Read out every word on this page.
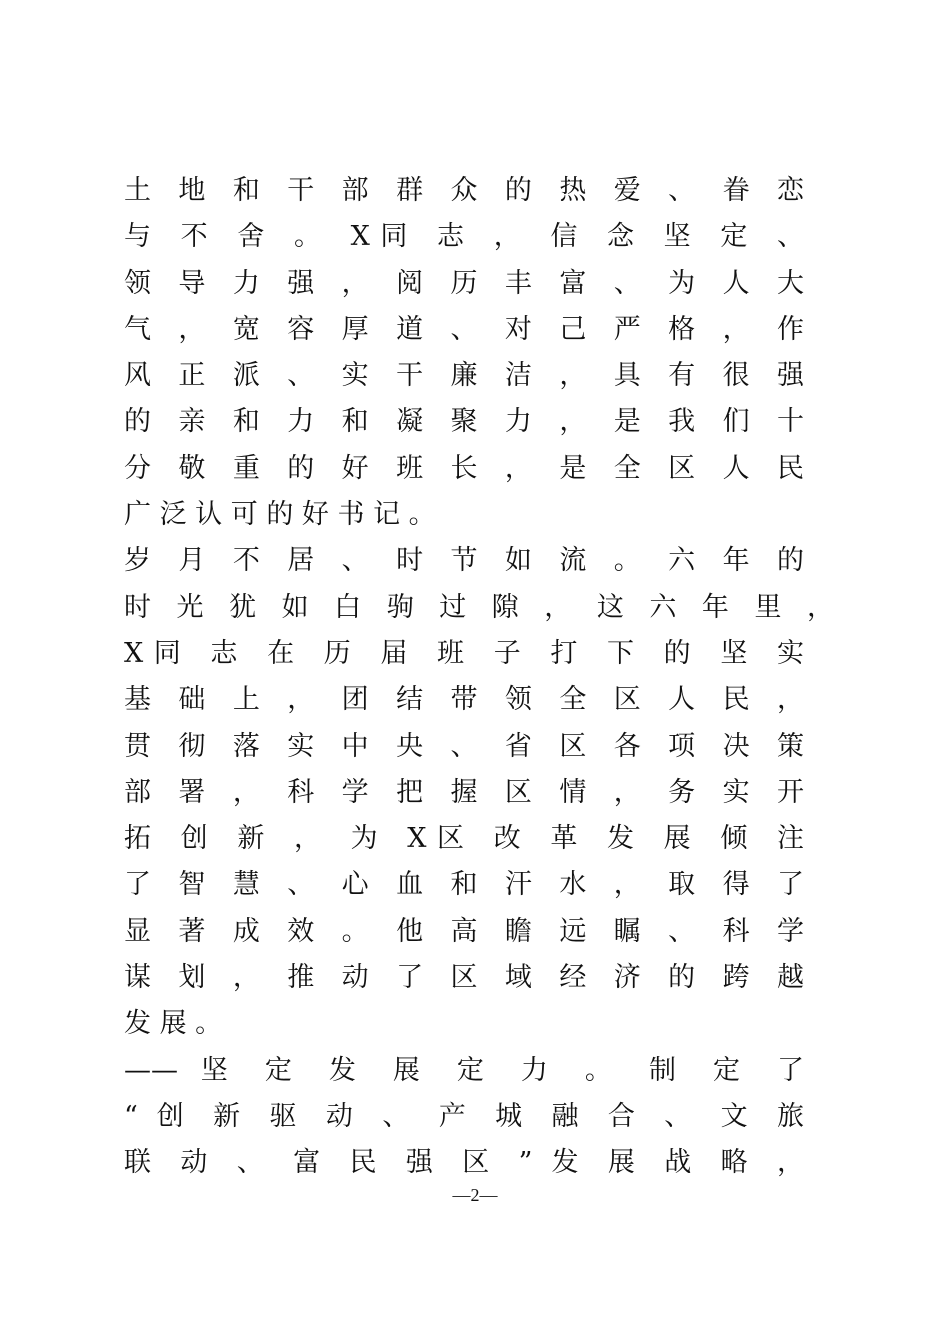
土 地 和 干 部 群 众 的 热 爱 、 眷 恋
与 不 舍 。 X同 志 ， 信 念 坚 定 、
领 导 力 强 ， 阅 历 丰 富 、 为 人 大
气 ， 宽 容 厚 道 、 对 己 严 格 ， 作
风 正 派 、 实 干 廉 洁 ， 具 有 很 强
的 亲 和 力 和 凝 聚 力 ， 是 我 们 十
分 敬 重 的 好 班 长 ， 是 全 区 人 民
广 泛 认 可 的 好 书 记 。
岁 月 不 居 、 时 节 如 流 。 六 年 的
时 光 犹 如 白 驹 过 隙 ， 这 六 年 里 ，
X同 志 在 历 届 班 子 打 下 的 坚 实
基 础 上 ， 团 结 带 领 全 区 人 民 ，
贯 彻 落 实 中 央 、 省 区 各 项 决 策
部 署 ， 科 学 把 握 区 情 ， 务 实 开
拓 创 新 ， 为 X区 改 革 发 展 倾 注
了 智 慧 、 心 血 和 汗 水 ， 取 得 了
显 著 成 效 。 他 高 瞻 远 瞩 、 科 学
谋 划 ， 推 动 了 区 域 经 济 的 跨 越
发 展 。
—— 坚 定 发 展 定 力 。 制 定 了
“ 创 新 驱 动 、 产 城 融 合 、 文 旅
联 动 、 富 民 强 区 ” 发 展 战 略 ，
—2—
